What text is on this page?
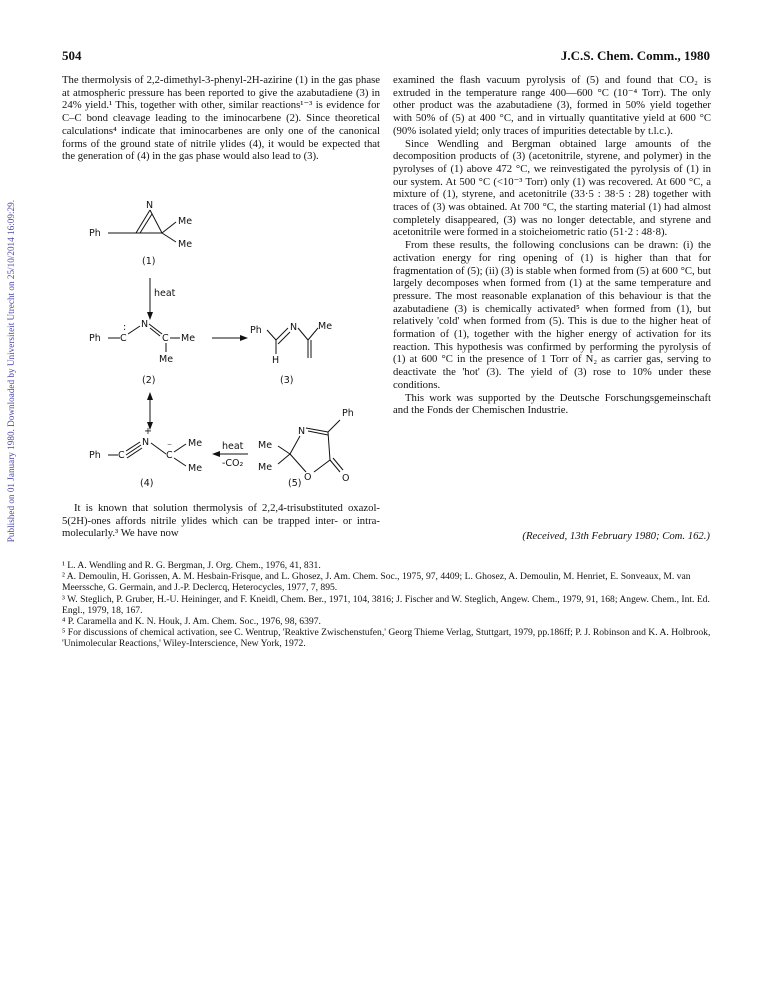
504	J.C.S. Chem. Comm., 1980
Published on 01 January 1980. Downloaded by Universiteit Utrecht on 25/10/2014 16:09:29.

The thermolysis of 2,2-dimethyl-3-phenyl-2H-azirine (1) in the gas phase at atmospheric pressure has been reported to give the azabutadiene (3) in 24% yield.¹ This, together with other, similar reactions¹⁻³ is evidence for C–C bond cleavage leading to the iminocarbene (2). Since theoretical calculations⁴ indicate that iminocarbenes are only one of the canonical forms of the ground state of nitrile ylides (4), it would be expected that the generation of (4) in the gas phase would also lead to (3).

Ph
N
Me
Me
(1)
heat
Ph C
: N
C Me
Me
(2)
Ph	N Me
H
(3)
Ph C
N
+
C
⁻ Me
Me
(4)
heat
-CO₂
Ph
N
O	O
Me
Me
(5)

It is known that solution thermolysis of 2,2,4-trisubstituted oxazol-5(2H)-ones affords nitrile ylides which can be trapped inter- or intra-molecularly.³ We have now

examined the flash vacuum pyrolysis of (5) and found that CO₂ is extruded in the temperature range 400—600 °C (10⁻⁴ Torr). The only other product was the azabutadiene (3), formed in 50% yield together with 50% of (5) at 400 °C, and in virtually quantitative yield at 600 °C (90% isolated yield; only traces of impurities detectable by t.l.c.).

Since Wendling and Bergman obtained large amounts of the decomposition products of (3) (acetonitrile, styrene, and polymer) in the pyrolyses of (1) above 472 °C, we reinvestigated the pyrolysis of (1) in our system. At 500 °C (<10⁻³ Torr) only (1) was recovered. At 600 °C, a mixture of (1), styrene, and acetonitrile (33·5 : 38·5 : 28) together with traces of (3) was obtained. At 700 °C, the starting material (1) had almost completely disappeared, (3) was no longer detectable, and styrene and acetonitrile were formed in a stoicheiometric ratio (51·2 : 48·8).

From these results, the following conclusions can be drawn: (i) the activation energy for ring opening of (1) is higher than that for fragmentation of (5); (ii) (3) is stable when formed from (5) at 600 °C, but largely decomposes when formed from (1) at the same temperature and pressure. The most reasonable explanation of this behaviour is that the azabutadiene (3) is chemically activated⁵ when formed from (1), but relatively 'cold' when formed from (5). This is due to the higher heat of formation of (1), together with the higher energy of activation for its reaction. This hypothesis was confirmed by performing the pyrolysis of (1) at 600 °C in the presence of 1 Torr of N₂ as carrier gas, serving to deactivate the 'hot' (3). The yield of (3) rose to 10% under these conditions.

This work was supported by the Deutsche Forschungsgemeinschaft and the Fonds der Chemischen Industrie.

(Received, 13th February 1980; Com. 162.)

¹ L. A. Wendling and R. G. Bergman, J. Org. Chem., 1976, 41, 831.

² A. Demoulin, H. Gorissen, A. M. Hesbain-Frisque, and L. Ghosez, J. Am. Chem. Soc., 1975, 97, 4409; L. Ghosez, A. Demoulin, M. Henriet, E. Sonveaux, M. van Meerssche, G. Germain, and J.-P. Declercq, Heterocycles, 1977, 7, 895.

³ W. Steglich, P. Gruber, H.-U. Heininger, and F. Kneidl, Chem. Ber., 1971, 104, 3816; J. Fischer and W. Steglich, Angew. Chem., 1979, 91, 168; Angew. Chem., Int. Ed. Engl., 1979, 18, 167.

⁴ P. Caramella and K. N. Houk, J. Am. Chem. Soc., 1976, 98, 6397.

⁵ For discussions of chemical activation, see C. Wentrup, 'Reaktive Zwischenstufen,' Georg Thieme Verlag, Stuttgart, 1979, pp.186ff; P. J. Robinson and K. A. Holbrook, 'Unimolecular Reactions,' Wiley-Interscience, New York, 1972.
